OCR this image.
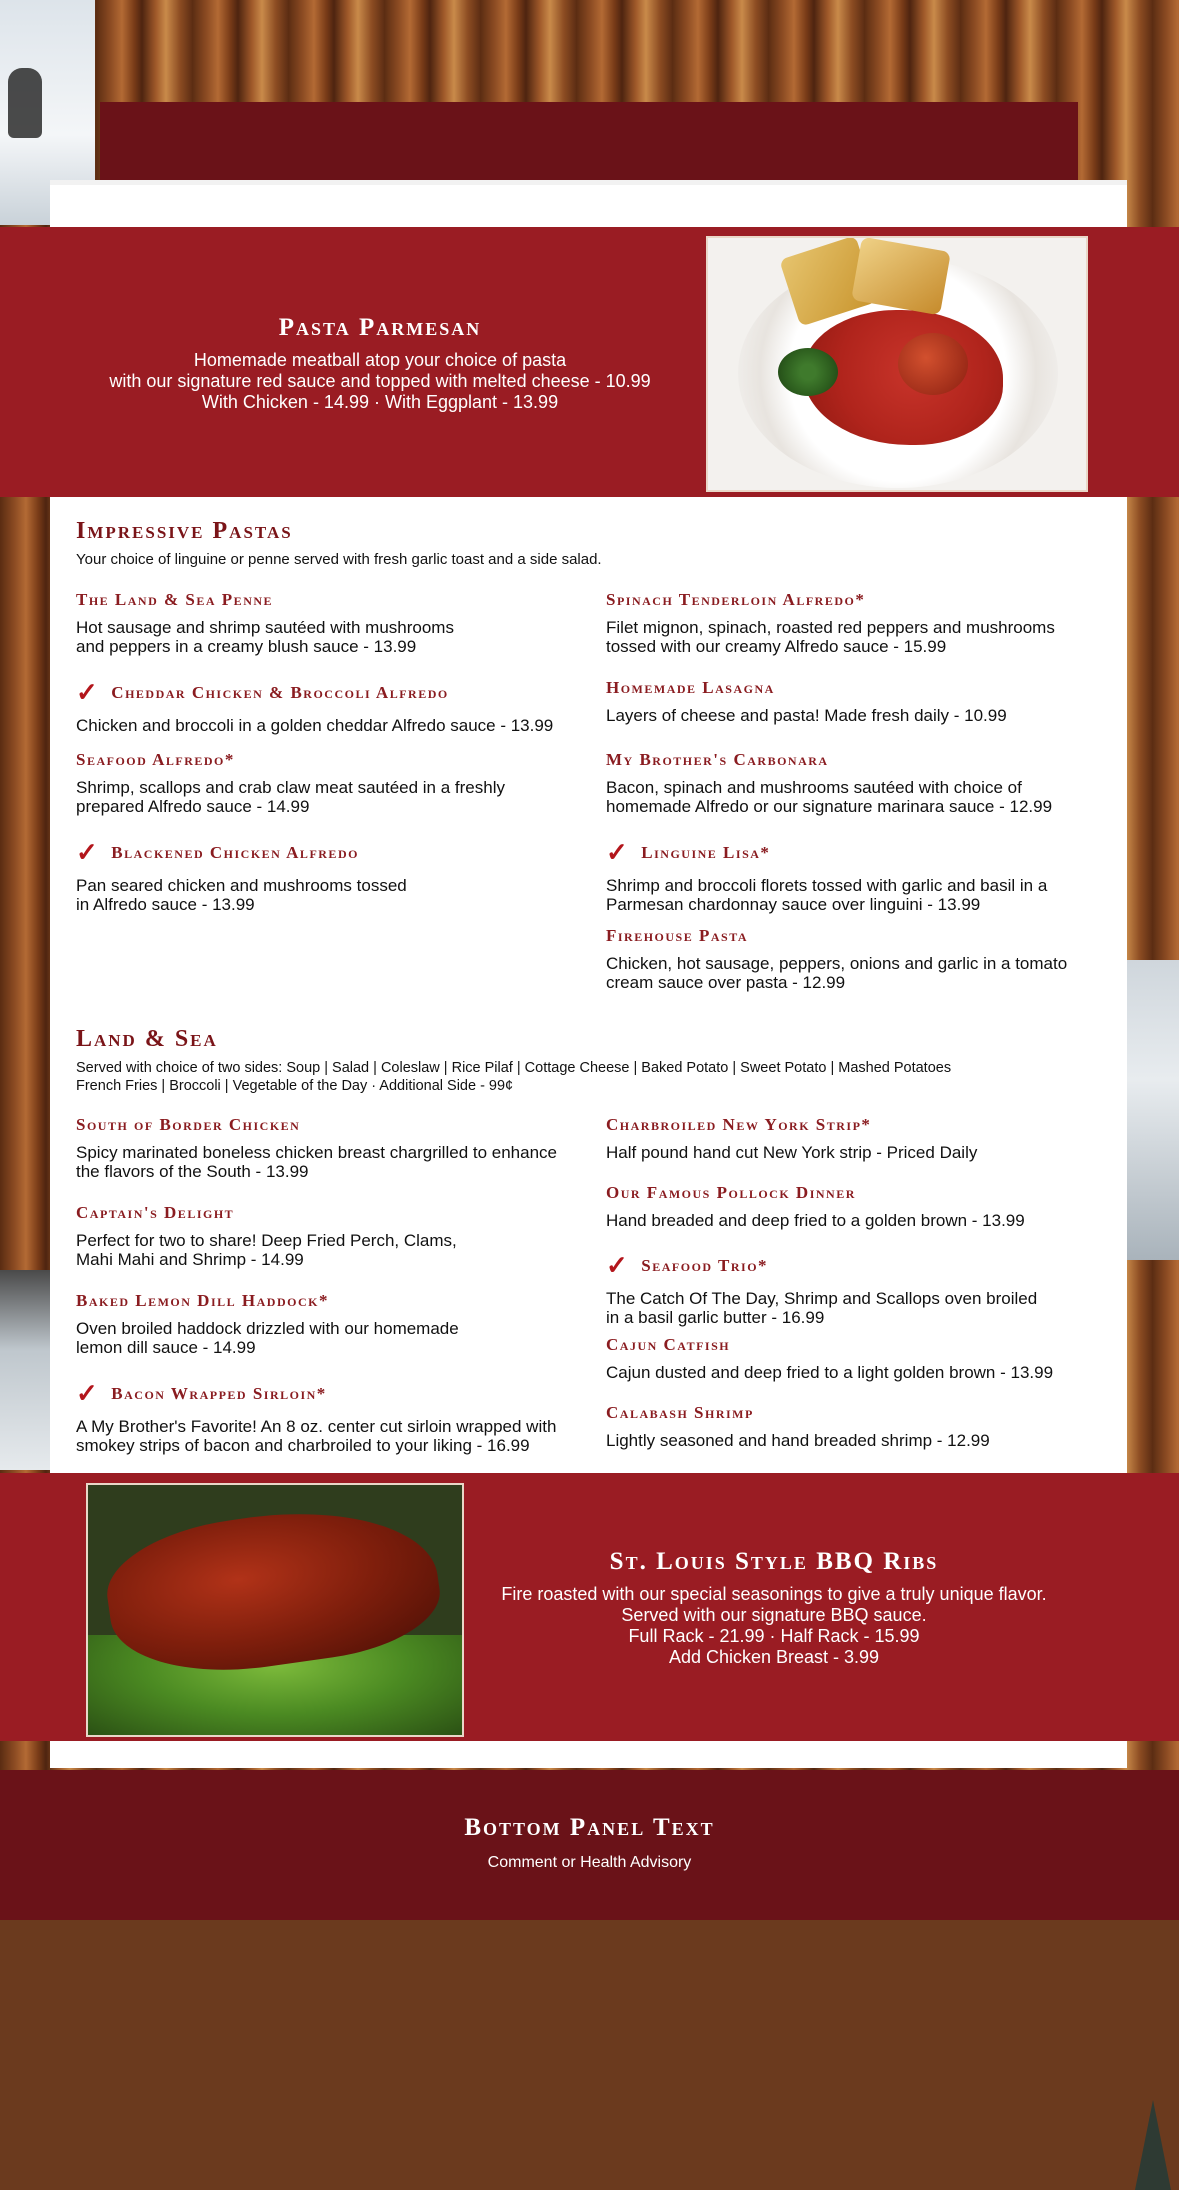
Pasta Parmesan
Homemade meatball atop your choice of pasta
with our signature red sauce and topped with melted cheese - 10.99
With Chicken - 14.99 · With Eggplant - 13.99
Impressive Pastas
Your choice of linguine or penne served with fresh garlic toast and a side salad.
The Land & Sea Penne
Hot sausage and shrimp sautéed with mushrooms
and peppers in a creamy blush sauce - 13.99
✓ Cheddar Chicken & Broccoli Alfredo
Chicken and broccoli in a golden cheddar Alfredo sauce - 13.99
Seafood Alfredo*
Shrimp, scallops and crab claw meat sautéed in a freshly
prepared Alfredo sauce - 14.99
✓ Blackened Chicken Alfredo
Pan seared chicken and mushrooms tossed
in Alfredo sauce - 13.99
Spinach Tenderloin Alfredo*
Filet mignon, spinach, roasted red peppers and mushrooms
tossed with our creamy Alfredo sauce - 15.99
Homemade Lasagna
Layers of cheese and pasta! Made fresh daily - 10.99
My Brother's Carbonara
Bacon, spinach and mushrooms sautéed with choice of
homemade Alfredo or our signature marinara sauce - 12.99
✓ Linguine Lisa*
Shrimp and broccoli florets tossed with garlic and basil in a
Parmesan chardonnay sauce over linguini - 13.99
Firehouse Pasta
Chicken, hot sausage, peppers, onions and garlic in a tomato
cream sauce over pasta - 12.99
Land & Sea
Served with choice of two sides: Soup | Salad | Coleslaw | Rice Pilaf | Cottage Cheese | Baked Potato | Sweet Potato | Mashed Potatoes
French Fries | Broccoli | Vegetable of the Day · Additional Side - 99¢
South of Border Chicken
Spicy marinated boneless chicken breast chargrilled to enhance
the flavors of the South - 13.99
Captain's Delight
Perfect for two to share! Deep Fried Perch, Clams,
Mahi Mahi and Shrimp - 14.99
Baked Lemon Dill Haddock*
Oven broiled haddock drizzled with our homemade
lemon dill sauce - 14.99
✓ Bacon Wrapped Sirloin*
A My Brother's Favorite! An 8 oz. center cut sirloin wrapped with
smokey strips of bacon and charbroiled to your liking - 16.99
Charbroiled New York Strip*
Half pound hand cut New York strip - Priced Daily
Our Famous Pollock Dinner
Hand breaded and deep fried to a golden brown - 13.99
✓ Seafood Trio*
The Catch Of The Day, Shrimp and Scallops oven broiled
in a basil garlic butter - 16.99
Cajun Catfish
Cajun dusted and deep fried to a light golden brown - 13.99
Calabash Shrimp
Lightly seasoned and hand breaded shrimp - 12.99
St. Louis Style BBQ Ribs
Fire roasted with our special seasonings to give a truly unique flavor.
Served with our signature BBQ sauce.
Full Rack - 21.99 · Half Rack - 15.99
Add Chicken Breast - 3.99
Bottom Panel Text
Comment or Health Advisory
